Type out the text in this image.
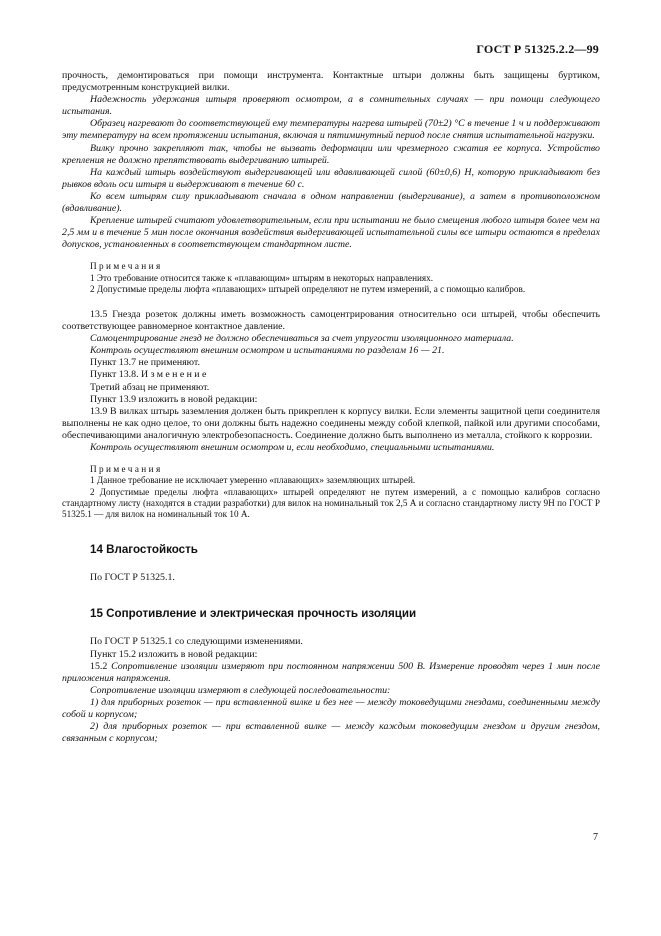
ГОСТ Р 51325.2.2—99

прочность, демонтироваться при помощи инструмента. Контактные штыри должны быть защищены буртиком, предусмотренным конструкцией вилки.

Надежность удержания штыря проверяют осмотром, а в сомнительных случаях — при помощи следующего испытания.

Образец нагревают до соответствующей ему температуры нагрева штырей (70±2) °С в течение 1 ч и поддерживают эту температуру на всем протяжении испытания, включая и пятиминутный период после снятия испытательной нагрузки.

Вилку прочно закрепляют так, чтобы не вызвать деформации или чрезмерного сжатия ее корпуса. Устройство крепления не должно препятствовать выдергиванию штырей.

На каждый штырь воздействуют выдергивающей или вдавливающей силой (60±0,6) Н, которую прикладывают без рывков вдоль оси штыря и выдерживают в течение 60 с.

Ко всем штырям силу прикладывают сначала в одном направлении (выдергивание), а затем в противоположном (вдавливание).

Крепление штырей считают удовлетворительным, если при испытании не было смещения любого штыря более чем на 2,5 мм и в течение 5 мин после окончания воздействия выдергивающей испытательной силы все штыри остаются в пределах допусков, установленных в соответствующем стандартном листе.

Примечания

1 Это требование относится также к «плавающим» штырям в некоторых направлениях.

2 Допустимые пределы люфта «плавающих» штырей определяют не путем измерений, а с помощью калибров.

13.5 Гнезда розеток должны иметь возможность самоцентрирования относительно оси штырей, чтобы обеспечить соответствующее равномерное контактное давление.

Самоцентрирование гнезд не должно обеспечиваться за счет упругости изоляционного материала.

Контроль осуществляют внешним осмотром и испытаниями по разделам 16 — 21.

Пункт 13.7 не применяют.

Пункт 13.8. Изменение

Третий абзац не применяют.

Пункт 13.9 изложить в новой редакции:

13.9 В вилках штырь заземления должен быть прикреплен к корпусу вилки. Если элементы защитной цепи соединителя выполнены не как одно целое, то они должны быть надежно соединены между собой клепкой, пайкой или другими способами, обеспечивающими аналогичную электробезопасность. Соединение должно быть выполнено из металла, стойкого к коррозии.

Контроль осуществляют внешним осмотром и, если необходимо, специальными испытаниями.

Примечания

1 Данное требование не исключает умеренно «плавающих» заземляющих штырей.

2 Допустимые пределы люфта «плавающих» штырей определяют не путем измерений, а с помощью калибров согласно стандартному листу (находятся в стадии разработки) для вилок на номинальный ток 2,5 А и согласно стандартному листу 9Н по ГОСТ Р 51325.1 — для вилок на номинальный ток 10 А.

14 Влагостойкость

По ГОСТ Р 51325.1.

15 Сопротивление и электрическая прочность изоляции

По ГОСТ Р 51325.1 со следующими изменениями.

Пункт 15.2 изложить в новой редакции:

15.2 Сопротивление изоляции измеряют при постоянном напряжении 500 В. Измерение проводят через 1 мин после приложения напряжения.

Сопротивление изоляции измеряют в следующей последовательности:

1) для приборных розеток — при вставленной вилке и без нее — между токоведущими гнездами, соединенными между собой и корпусом;

2) для приборных розеток — при вставленной вилке — между каждым токоведущим гнездом и другим гнездом, связанным с корпусом;

7
